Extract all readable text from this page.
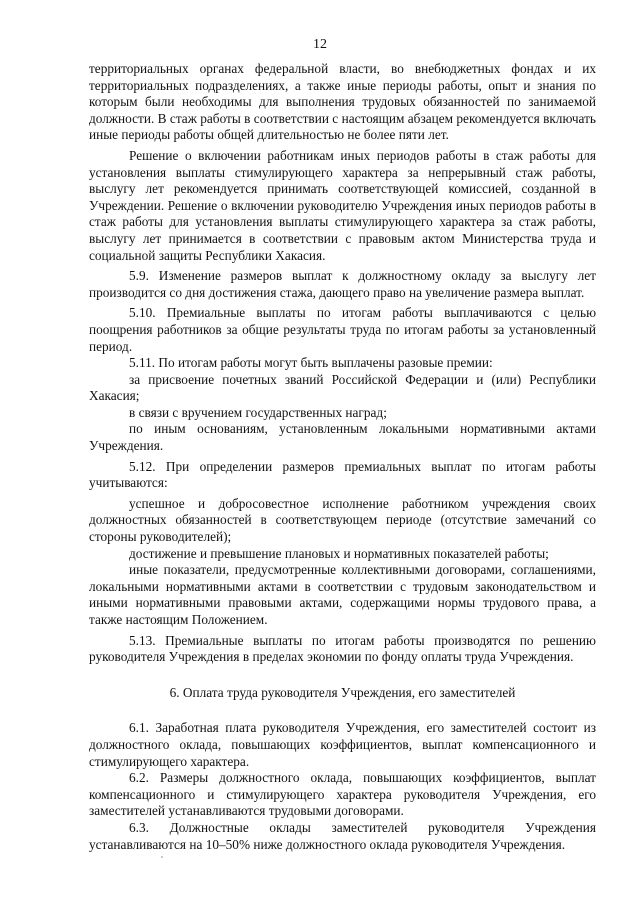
12

территориальных органах федеральной власти, во внебюджетных фондах и их территориальных подразделениях, а также иные периоды работы, опыт и знания по которым были необходимы для выполнения трудовых обязанностей по занимаемой должности. В стаж работы в соответствии с настоящим абзацем рекомендуется включать иные периоды работы общей длительностью не более пяти лет.

Решение о включении работникам иных периодов работы в стаж работы для установления выплаты стимулирующего характера за непрерывный стаж работы, выслугу лет рекомендуется принимать соответствующей комиссией, созданной в Учреждении. Решение о включении руководителю Учреждения иных периодов работы в стаж работы для установления выплаты стимулирующего характера за стаж работы, выслугу лет принимается в соответствии с правовым актом Министерства труда и социальной защиты Республики Хакасия.

5.9. Изменение размеров выплат к должностному окладу за выслугу лет производится со дня достижения стажа, дающего право на увеличение размера выплат.

5.10. Премиальные выплаты по итогам работы выплачиваются с целью поощрения работников за общие результаты труда по итогам работы за установленный период.

5.11. По итогам работы могут быть выплачены разовые премии:

за присвоение почетных званий Российской Федерации и (или) Республики Хакасия;

в связи с вручением государственных наград;

по иным основаниям, установленным локальными нормативными актами Учреждения.

5.12. При определении размеров премиальных выплат по итогам работы учитываются:

успешное и добросовестное исполнение работником учреждения своих должностных обязанностей в соответствующем периоде (отсутствие замечаний со стороны руководителей);

достижение и превышение плановых и нормативных показателей работы;

иные показатели, предусмотренные коллективными договорами, соглашениями, локальными нормативными актами в соответствии с трудовым законодательством и иными нормативными правовыми актами, содержащими нормы трудового права, а также настоящим Положением.

5.13. Премиальные выплаты по итогам работы производятся по решению руководителя Учреждения в пределах экономии по фонду оплаты труда Учреждения.

6. Оплата труда руководителя Учреждения, его заместителей

6.1. Заработная плата руководителя Учреждения, его заместителей состоит из должностного оклада, повышающих коэффициентов, выплат компенсационного и стимулирующего характера.

6.2. Размеры должностного оклада, повышающих коэффициентов, выплат компенсационного и стимулирующего характера руководителя Учреждения, его заместителей устанавливаются трудовыми договорами.

6.3. Должностные оклады заместителей руководителя Учреждения устанавливаются на 10–50% ниже должностного оклада руководителя Учреждения.
